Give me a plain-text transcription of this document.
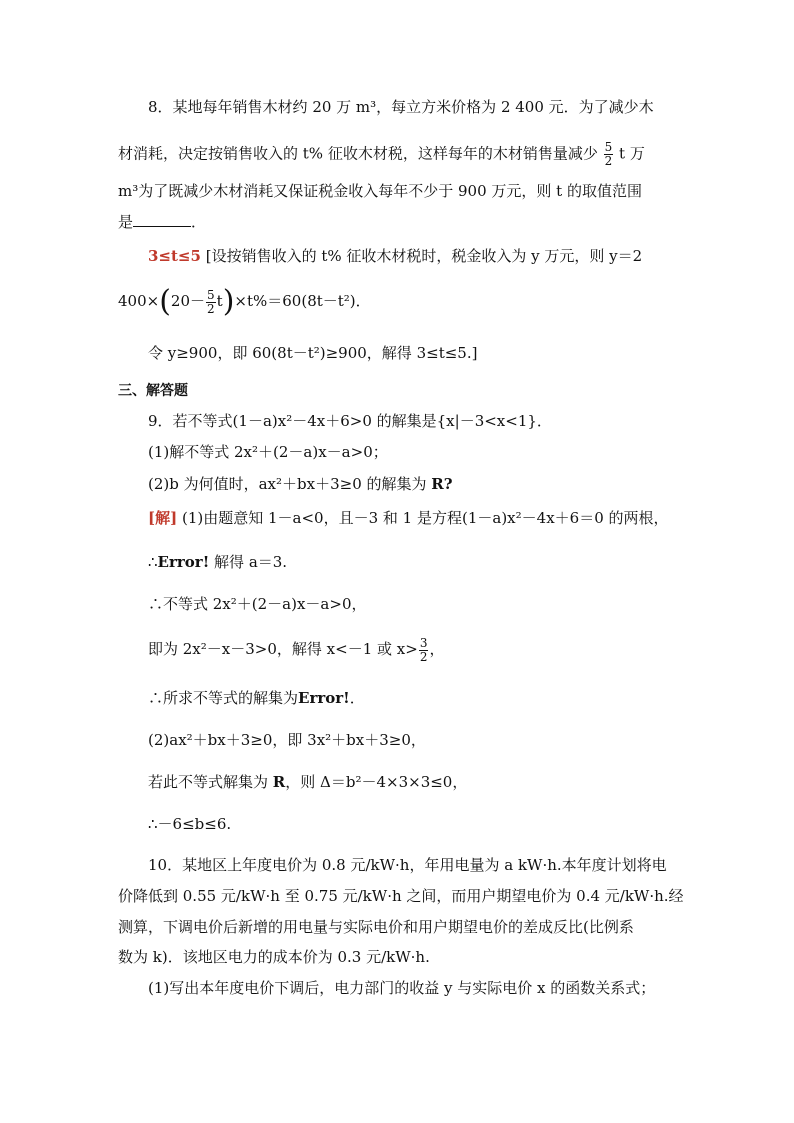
8．某地每年销售木材约 20 万 m³，每立方米价格为 2 400 元．为了减少木
材消耗，决定按销售收入的 t% 征收木材税，这样每年的木材销售量减少 $\frac{5}{2}$ t 万
m³为了既减少木材消耗又保证税金收入每年不少于 900 万元，则 t 的取值范围
是	．
3≤t≤5 [设按销售收入的 t% 征收木材税时，税金收入为 y 万元，则 y＝2
$400\times(20- \frac{5}{2} t)\times t\%=60(8t-t^2)$．
令 y≥900，即 60(8t－t²)≥900，解得 3≤t≤5.]
三、解答题
9．若不等式(1－a)x²－4x＋6>0 的解集是{x|－3<x<1}．
(1)解不等式 2x²＋(2－a)x－a>0；
(2)b 为何值时，ax²＋bx＋3≥0 的解集为 R?
[解] (1)由题意知 1－a<0，且－3 和 1 是方程(1－a)x²－4x＋6＝0 的两根，
∴Error! 解得 a＝3.
∴不等式 2x²＋(2－a)x－a>0，
即为 2x²－x－3>0，解得 x<－1 或 $x> \frac{3}{2}$ ，
∴所求不等式的解集为Error!．
(2)ax²＋bx＋3≥0，即 3x²＋bx＋3≥0，
若此不等式解集为 R，则 Δ＝b²－4×3×3≤0，
∴－6≤b≤6.
10．某地区上年度电价为 0.8 元/kW·h，年用电量为 a kW·h.本年度计划将电
价降低到 0.55 元/kW·h 至 0.75 元/kW·h 之间，而用户期望电价为 0.4 元/kW·h.经
测算，下调电价后新增的用电量与实际电价和用户期望电价的差成反比(比例系
数为 k)．该地区电力的成本价为 0.3 元/kW·h.
(1)写出本年度电价下调后，电力部门的收益 y 与实际电价 x 的函数关系式；
